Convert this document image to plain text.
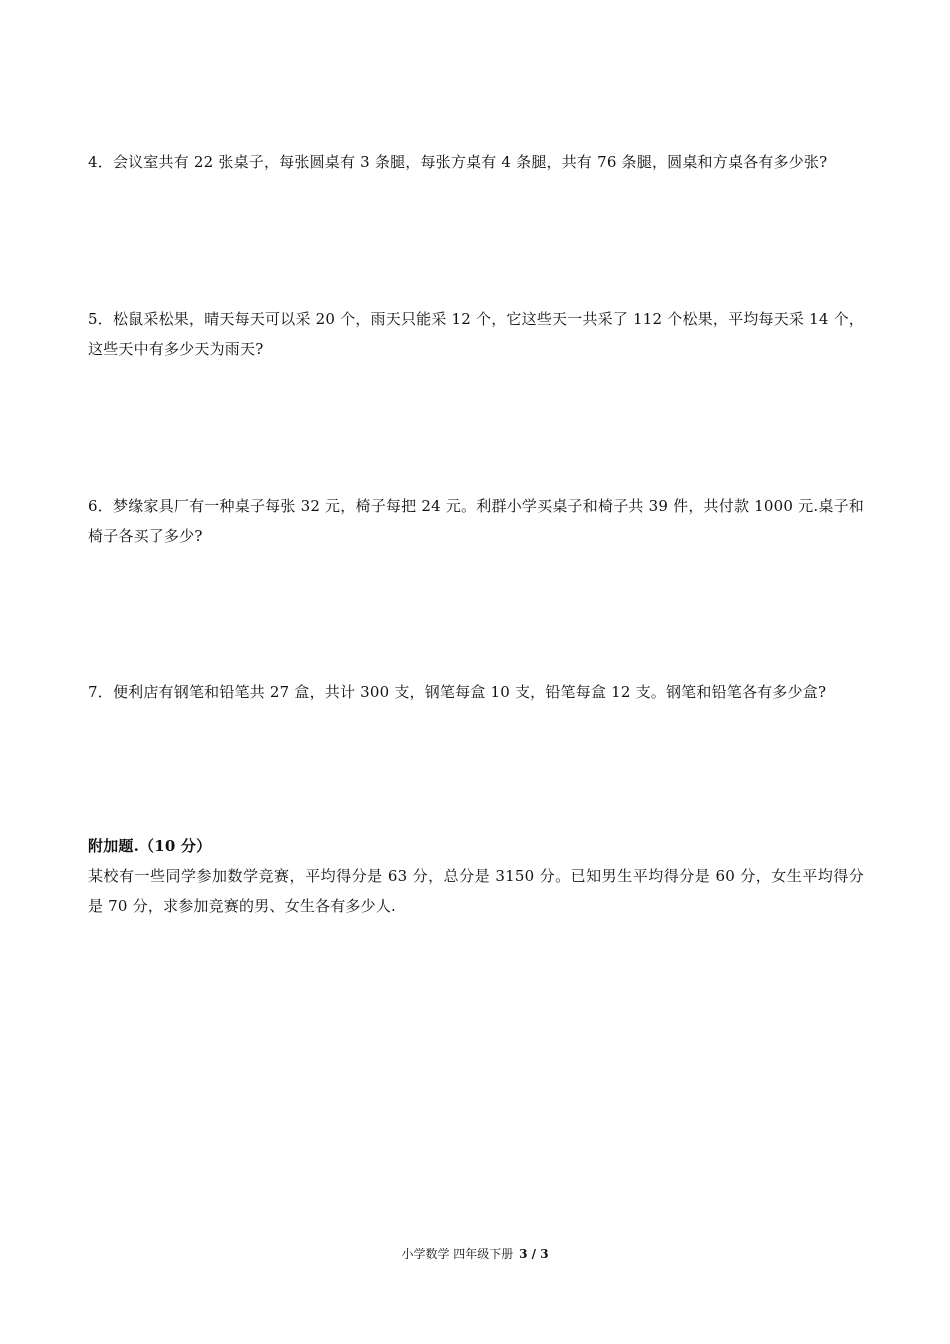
4．会议室共有 22 张桌子，每张圆桌有 3 条腿，每张方桌有 4 条腿，共有 76 条腿，圆桌和方桌各有多少张?
5．松鼠采松果，晴天每天可以采 20 个，雨天只能采 12 个，它这些天一共采了 112 个松果，平均每天采 14 个，这些天中有多少天为雨天?
6．梦缘家具厂有一种桌子每张 32 元，椅子每把 24 元。利群小学买桌子和椅子共 39 件，共付款 1000 元.桌子和椅子各买了多少?
7．便利店有钢笔和铅笔共 27 盒，共计 300 支，钢笔每盒 10 支，铅笔每盒 12 支。钢笔和铅笔各有多少盒?
附加题.（10 分）
某校有一些同学参加数学竞赛，平均得分是 63 分，总分是 3150 分。已知男生平均得分是 60 分，女生平均得分是 70 分，求参加竞赛的男、女生各有多少人.
小学数学 四年级下册 3 / 3
